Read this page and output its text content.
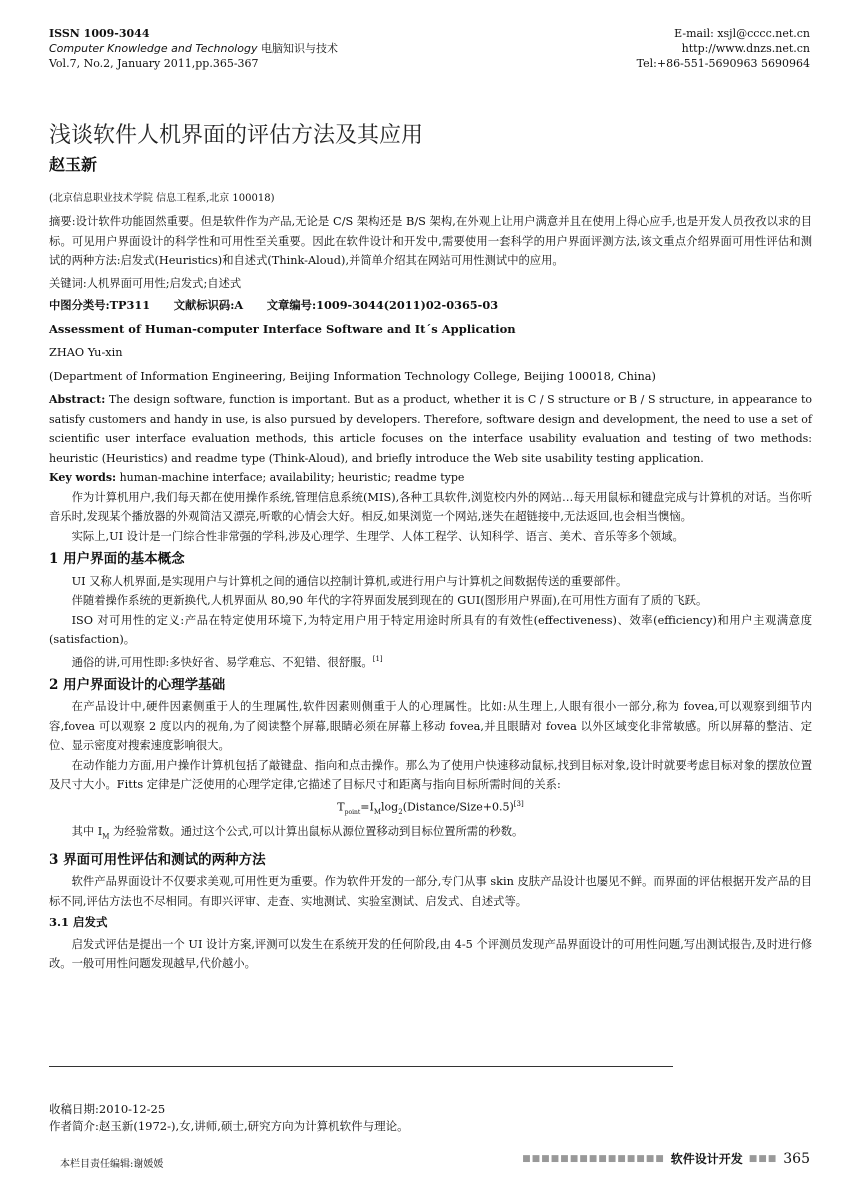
ISSN 1009-3044
Computer Knowledge and Technology 电脑知识与技术
Vol.7, No.2, January 2011,pp.365-367
E-mail: xsjl@cccc.net.cn
http://www.dnzs.net.cn
Tel:+86-551-5690963 5690964
浅谈软件人机界面的评估方法及其应用
赵玉新
(北京信息职业技术学院 信息工程系,北京 100018)

摘要:设计软件功能固然重要。但是软件作为产品,无论是 C/S 架构还是 B/S 架构,在外观上让用户满意并且在使用上得心应手,也是开发人员孜孜以求的目标。可见用户界面设计的科学性和可用性至关重要。因此在软件设计和开发中,需要使用一套科学的用户界面评测方法,该文重点介绍界面可用性评估和测试的两种方法:启发式(Heuristics)和自述式(Think-Aloud),并简单介绍其在网站可用性测试中的应用。

关键词:人机界面可用性;启发式;自述式

中图分类号:TP311      文献标识码:A      文章编号:1009-3044(2011)02-0365-03

Assessment of Human-computer Interface Software and It´s Application

ZHAO Yu-xin

(Department of Information Engineering, Beijing Information Technology College, Beijing 100018, China)

Abstract: The design software, function is important. But as a product, whether it is C / S structure or B / S structure, in appearance to satisfy customers and handy in use, is also pursued by developers. Therefore, software design and development, the need to use a set of scientific user interface evaluation methods, this article focuses on the interface usability evaluation and testing of two methods: heuristic (Heuristics) and readme type (Think-Aloud), and briefly introduce the Web site usability testing application.

Key words: human-machine interface; availability; heuristic; readme type

作为计算机用户,我们每天都在使用操作系统,管理信息系统(MIS),各种工具软件,浏览校内外的网站…每天用鼠标和键盘完成与计算机的对话。当你听音乐时,发现某个播放器的外观简洁又漂亮,听歌的心情会大好。相反,如果浏览一个网站,迷失在超链接中,无法返回,也会相当懊恼。

实际上,UI 设计是一门综合性非常强的学科,涉及心理学、生理学、人体工程学、认知科学、语言、美术、音乐等多个领域。

1 用户界面的基本概念

UI 又称人机界面,是实现用户与计算机之间的通信以控制计算机,或进行用户与计算机之间数据传送的重要部件。

伴随着操作系统的更新换代,人机界面从 80,90 年代的字符界面发展到现在的 GUI(图形用户界面),在可用性方面有了质的飞跃。

ISO 对可用性的定义:产品在特定使用环境下,为特定用户用于特定用途时所具有的有效性(effectiveness)、效率(efficiency)和用户主观满意度(satisfaction)。

通俗的讲,可用性即:多快好省、易学难忘、不犯错、很舒服。[1]

2 用户界面设计的心理学基础

在产品设计中,硬件因素侧重于人的生理属性,软件因素则侧重于人的心理属性。比如:从生理上,人眼有很小一部分,称为 fovea,可以观察到细节内容,fovea 可以观察 2 度以内的视角,为了阅读整个屏幕,眼睛必须在屏幕上移动 fovea,并且眼睛对 fovea 以外区域变化非常敏感。所以屏幕的整洁、定位、显示密度对搜索速度影响很大。

在动作能力方面,用户操作计算机包括了敲键盘、指向和点击操作。那么为了使用户快速移动鼠标,找到目标对象,设计时就要考虑目标对象的摆放位置及尺寸大小。Fitts 定律是广泛使用的心理学定律,它描述了目标尺寸和距离与指向目标所需时间的关系:

$T_{point}=I_M\log_2(Distance/Size+0.5)[3]$

其中 $I_M$ 为经验常数。通过这个公式,可以计算出鼠标从源位置移动到目标位置所需的秒数。

3 界面可用性评估和测试的两种方法

软件产品界面设计不仅要求美观,可用性更为重要。作为软件开发的一部分,专门从事 skin 皮肤产品设计也屡见不鲜。而界面的评估根据开发产品的目标不同,评估方法也不尽相同。有即兴评审、走查、实地测试、实验室测试、启发式、自述式等。

3.1 启发式

启发式评估是提出一个 UI 设计方案,评测可以发生在系统开发的任何阶段,由 4-5 个评测员发现产品界面设计的可用性问题,写出测试报告,及时进行修改。一般可用性问题发现越早,代价越小。

收稿日期:2010-12-25
作者简介:赵玉新(1972-),女,讲师,硕士,研究方向为计算机软件与理论。
本栏目责任编辑:谢媛媛
■■■■■■■■■■■■■■■ 软件设计开发 ■■■ 365
